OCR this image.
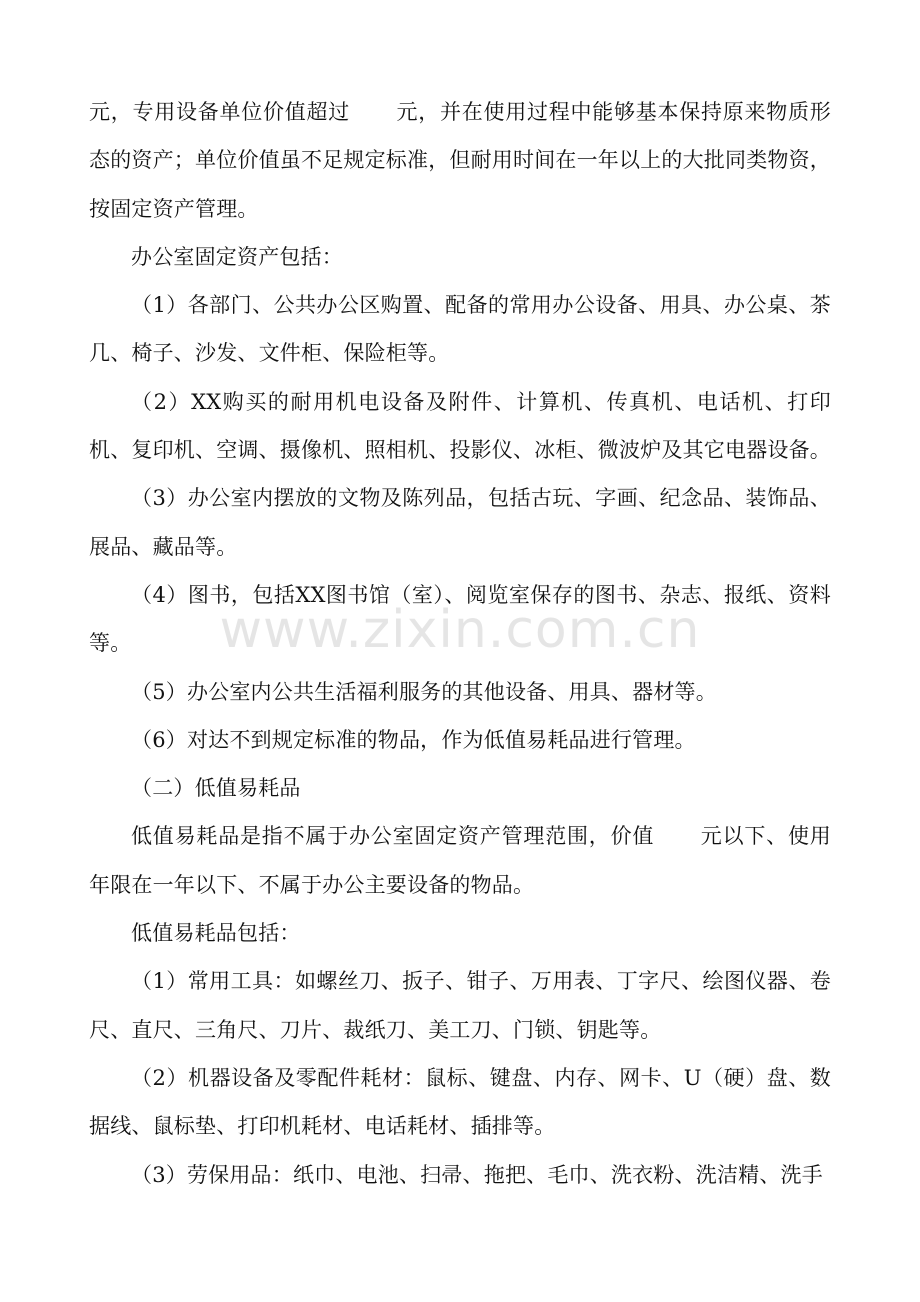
元，专用设备单位价值超过 元，并在使用过程中能够基本保持原来物质形态的资产；单位价值虽不足规定标准，但耐用时间在一年以上的大批同类物资，按固定资产管理。

办公室固定资产包括：

（1）各部门、公共办公区购置、配备的常用办公设备、用具、办公桌、茶几、椅子、沙发、文件柜、保险柜等。

（2）XX购买的耐用机电设备及附件、计算机、传真机、电话机、打印机、复印机、空调、摄像机、照相机、投影仪、冰柜、微波炉及其它电器设备。

（3）办公室内摆放的文物及陈列品，包括古玩、字画、纪念品、装饰品、展品、藏品等。

（4）图书，包括XX图书馆（室）、阅览室保存的图书、杂志、报纸、资料等。

（5）办公室内公共生活福利服务的其他设备、用具、器材等。

（6）对达不到规定标准的物品，作为低值易耗品进行管理。

（二）低值易耗品

低值易耗品是指不属于办公室固定资产管理范围，价值 元以下、使用年限在一年以下、不属于办公主要设备的物品。

低值易耗品包括：

（1）常用工具：如螺丝刀、扳子、钳子、万用表、丁字尺、绘图仪器、卷尺、直尺、三角尺、刀片、裁纸刀、美工刀、门锁、钥匙等。

（2）机器设备及零配件耗材：鼠标、键盘、内存、网卡、U（硬）盘、数据线、鼠标垫、打印机耗材、电话耗材、插排等。

（3）劳保用品：纸巾、电池、扫帚、拖把、毛巾、洗衣粉、洗洁精、洗手

www.zixin.com.cn
